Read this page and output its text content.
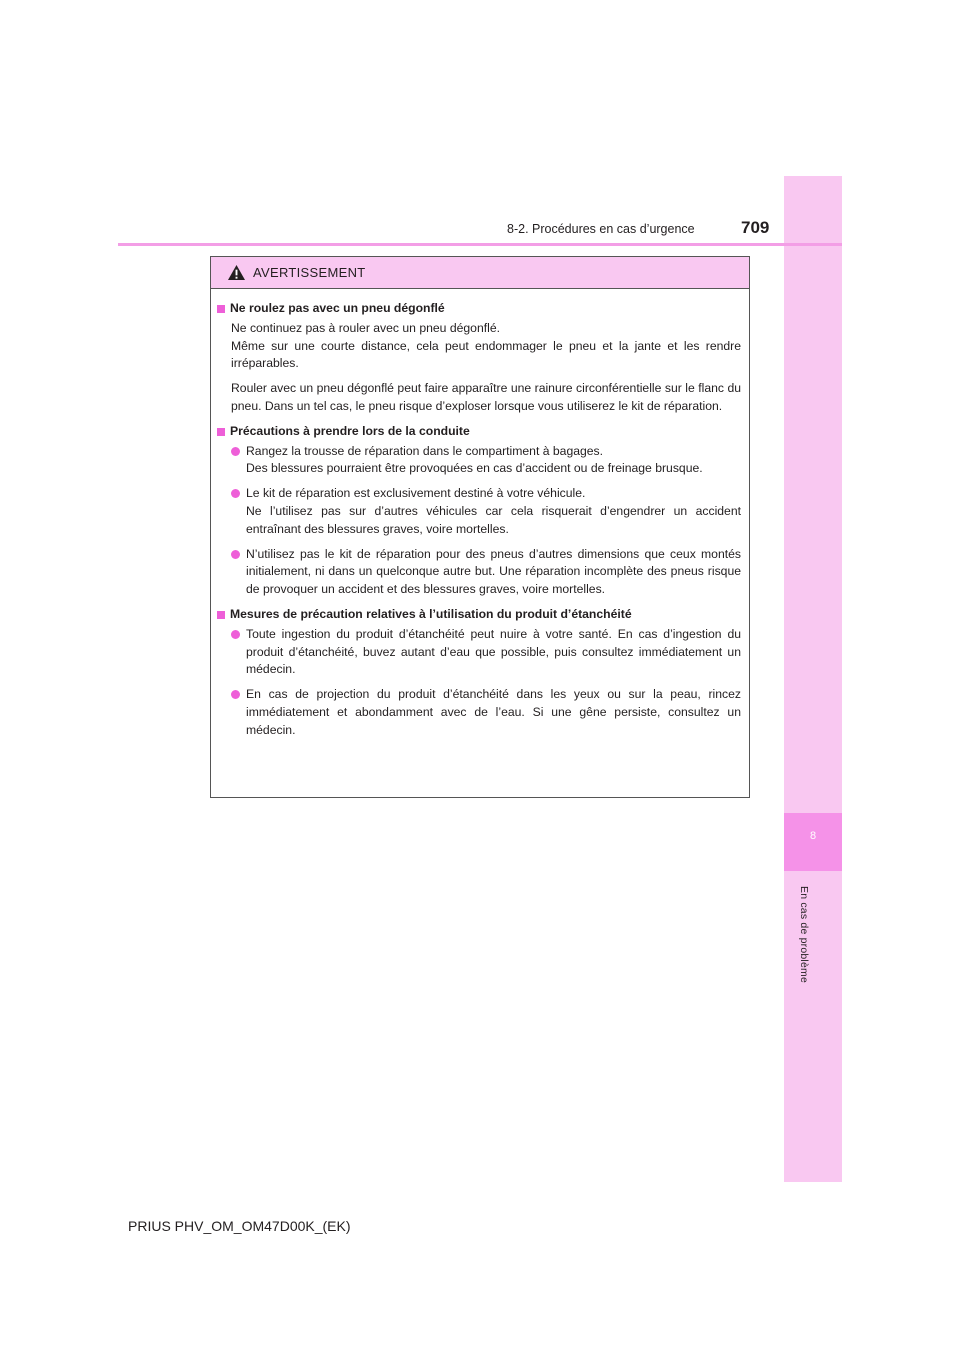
8
En cas de problème
8-2. Procédures en cas d’urgence	709
AVERTISSEMENT
Ne roulez pas avec un pneu dégonflé
Ne continuez pas à rouler avec un pneu dégonflé.
Même sur une courte distance, cela peut endommager le pneu et la jante et les rendre irréparables.
Rouler avec un pneu dégonflé peut faire apparaître une rainure circonférentielle sur le flanc du pneu. Dans un tel cas, le pneu risque d’exploser lorsque vous utiliserez le kit de réparation.
Précautions à prendre lors de la conduite
Rangez la trousse de réparation dans le compartiment à bagages.
Des blessures pourraient être provoquées en cas d’accident ou de freinage brusque.
Le kit de réparation est exclusivement destiné à votre véhicule.
Ne l’utilisez pas sur d’autres véhicules car cela risquerait d’engendrer un accident entraînant des blessures graves, voire mortelles.
N’utilisez pas le kit de réparation pour des pneus d’autres dimensions que ceux montés initialement, ni dans un quelconque autre but. Une réparation incomplète des pneus risque de provoquer un accident et des blessures graves, voire mortelles.
Mesures de précaution relatives à l’utilisation du produit d’étanchéité
Toute ingestion du produit d’étanchéité peut nuire à votre santé. En cas d’ingestion du produit d’étanchéité, buvez autant d’eau que possible, puis consultez immédiatement un médecin.
En cas de projection du produit d’étanchéité dans les yeux ou sur la peau, rincez immédiatement et abondamment avec de l’eau. Si une gêne persiste, consultez un médecin.
PRIUS PHV_OM_OM47D00K_(EK)
